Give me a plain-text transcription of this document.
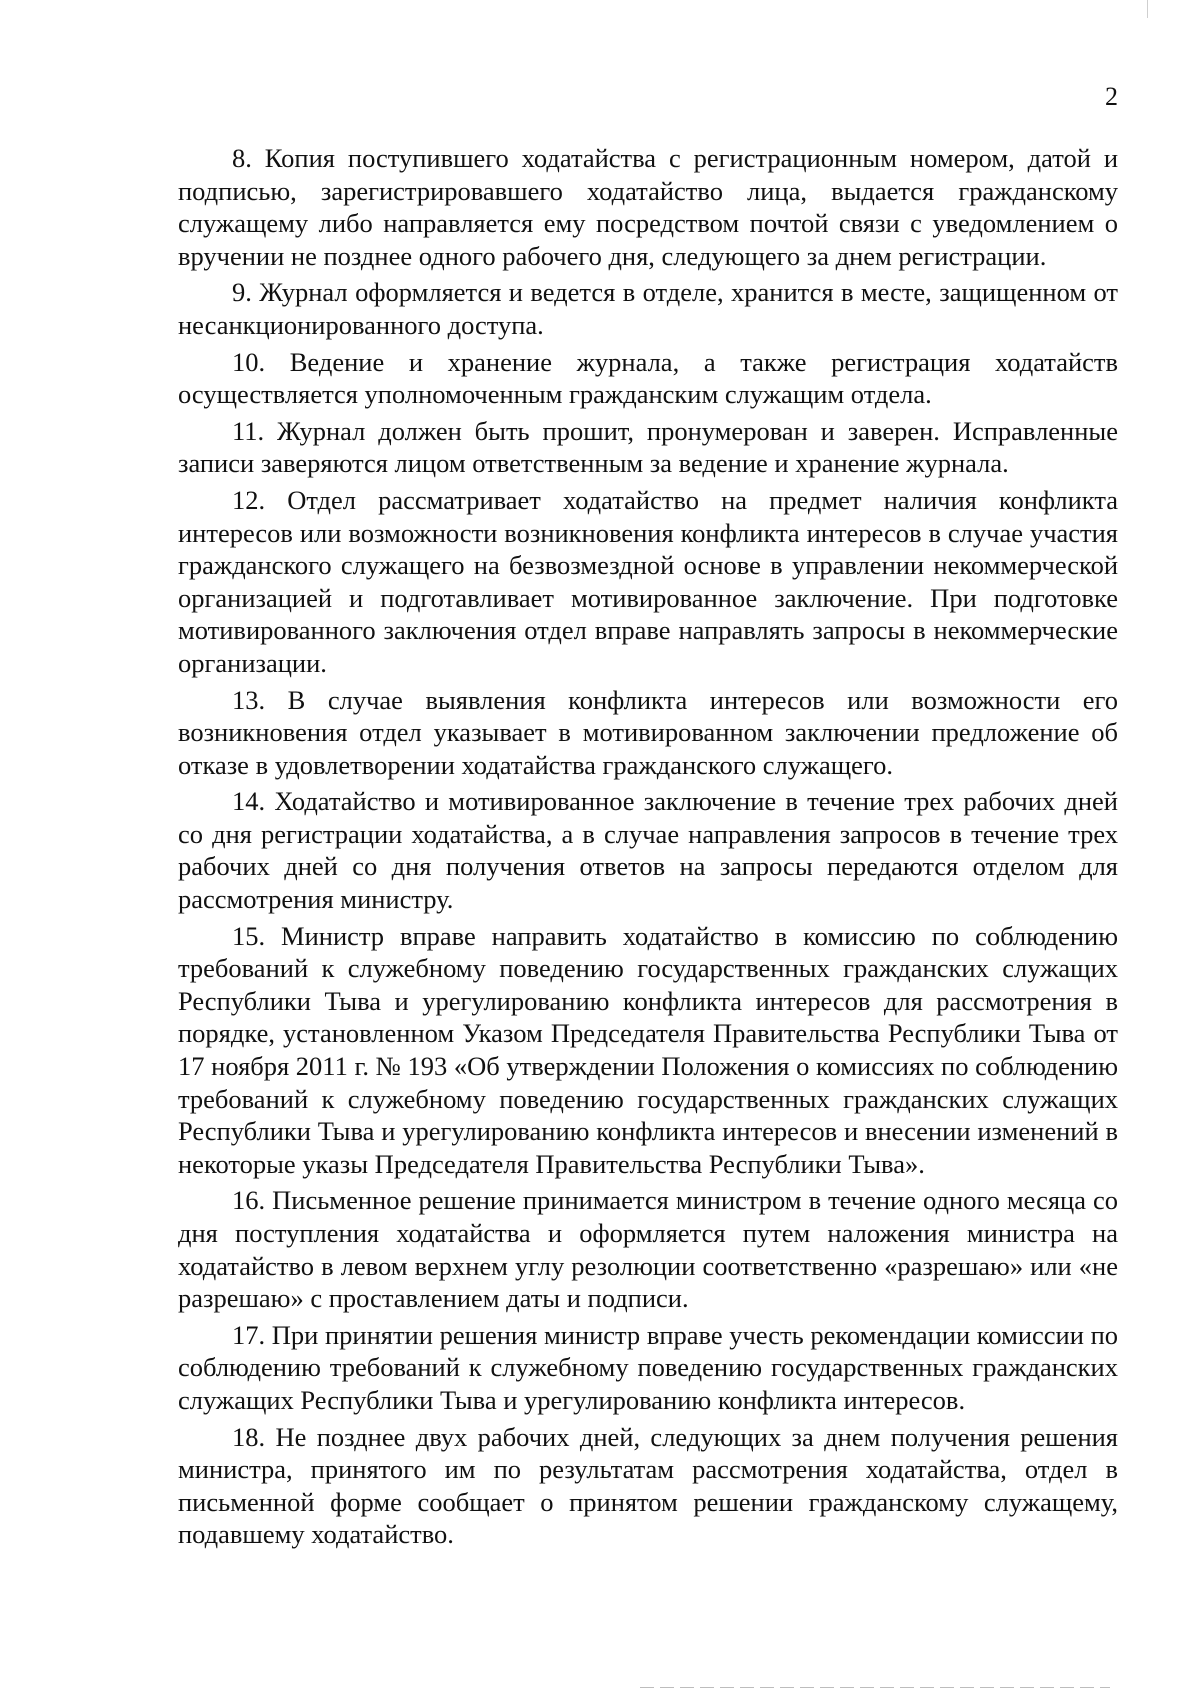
2

8. Копия поступившего ходатайства с регистрационным номером, датой и подписью, зарегистрировавшего ходатайство лица, выдается гражданскому служащему либо направляется ему посредством почтой связи с уведомлением о вручении не позднее одного рабочего дня, следующего за днем регистрации.

9. Журнал оформляется и ведется в отделе, хранится в месте, защищенном от несанкционированного доступа.

10. Ведение и хранение журнала, а также регистрация ходатайств осуществляется уполномоченным гражданским служащим отдела.

11. Журнал должен быть прошит, пронумерован и заверен. Исправленные записи заверяются лицом ответственным за ведение и хранение журнала.

12. Отдел рассматривает ходатайство на предмет наличия конфликта интересов или возможности возникновения конфликта интересов в случае участия гражданского служащего на безвозмездной основе в управлении некоммерческой организацией и подготавливает мотивированное заключение. При подготовке мотивированного заключения отдел вправе направлять запросы в некоммерческие организации.

13. В случае выявления конфликта интересов или возможности его возникновения отдел указывает в мотивированном заключении предложение об отказе в удовлетворении ходатайства гражданского служащего.

14. Ходатайство и мотивированное заключение в течение трех рабочих дней со дня регистрации ходатайства, а в случае направления запросов в течение трех рабочих дней со дня получения ответов на запросы передаются отделом для рассмотрения министру.

15. Министр вправе направить ходатайство в комиссию по соблюдению требований к служебному поведению государственных гражданских служащих Республики Тыва и урегулированию конфликта интересов для рассмотрения в порядке, установленном Указом Председателя Правительства Республики Тыва от 17 ноября 2011 г. № 193 «Об утверждении Положения о комиссиях по соблюдению требований к служебному поведению государственных гражданских служащих Республики Тыва и урегулированию конфликта интересов и внесении изменений в некоторые указы Председателя Правительства Республики Тыва».

16. Письменное решение принимается министром в течение одного месяца со дня поступления ходатайства и оформляется путем наложения министра на ходатайство в левом верхнем углу резолюции соответственно «разрешаю» или «не разрешаю» с проставлением даты и подписи.

17. При принятии решения министр вправе учесть рекомендации комиссии по соблюдению требований к служебному поведению государственных гражданских служащих Республики Тыва и урегулированию конфликта интересов.

18. Не позднее двух рабочих дней, следующих за днем получения решения министра, принятого им по результатам рассмотрения ходатайства, отдел в письменной форме сообщает о принятом решении гражданскому служащему, подавшему ходатайство.
